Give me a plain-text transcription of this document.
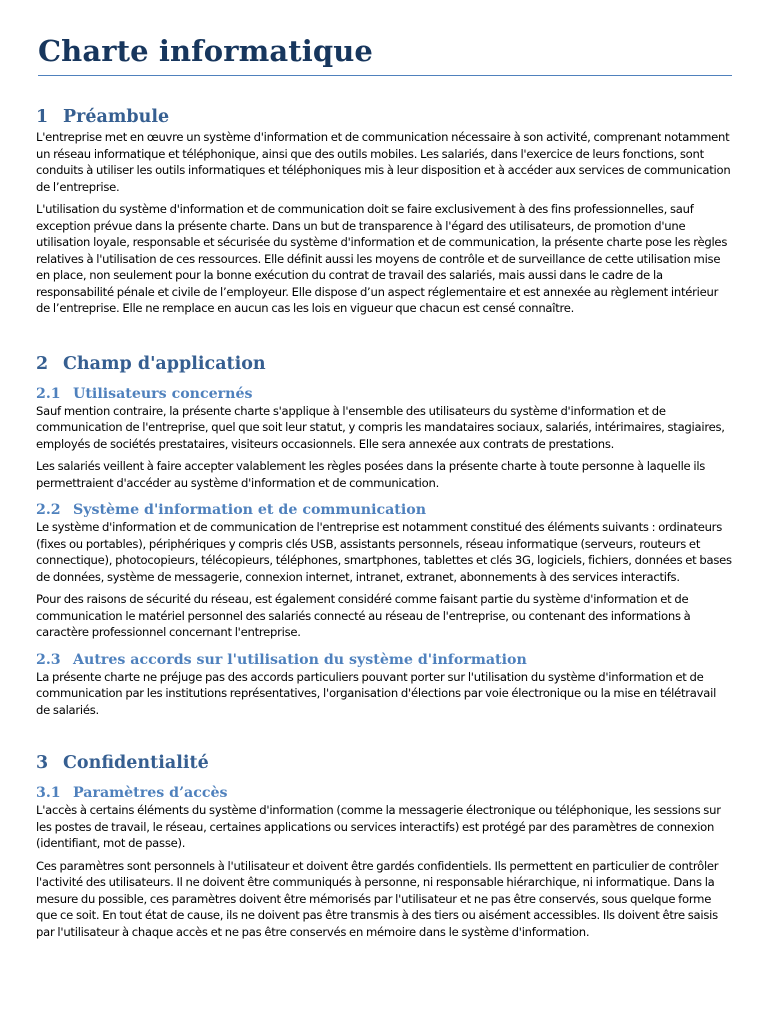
Charte informatique
1 Préambule

L'entreprise met en œuvre un système d'information et de communication nécessaire à son activité, comprenant notamment un réseau informatique et téléphonique, ainsi que des outils mobiles. Les salariés, dans l'exercice de leurs fonctions, sont conduits à utiliser les outils informatiques et téléphoniques mis à leur disposition et à accéder aux services de communication de l’entreprise.

L'utilisation du système d'information et de communication doit se faire exclusivement à des fins professionnelles, sauf exception prévue dans la présente charte. Dans un but de transparence à l'égard des utilisateurs, de promotion d'une utilisation loyale, responsable et sécurisée du système d'information et de communication, la présente charte pose les règles relatives à l'utilisation de ces ressources. Elle définit aussi les moyens de contrôle et de surveillance de cette utilisation mise en place, non seulement pour la bonne exécution du contrat de travail des salariés, mais aussi dans le cadre de la responsabilité pénale et civile de l’employeur. Elle dispose d’un aspect réglementaire et est annexée au règlement intérieur de l’entreprise. Elle ne remplace en aucun cas les lois en vigueur que chacun est censé connaître.

2 Champ d'application
2.1 Utilisateurs concernés

Sauf mention contraire, la présente charte s'applique à l'ensemble des utilisateurs du système d'information et de communication de l'entreprise, quel que soit leur statut, y compris les mandataires sociaux, salariés, intérimaires, stagiaires, employés de sociétés prestataires, visiteurs occasionnels. Elle sera annexée aux contrats de prestations.

Les salariés veillent à faire accepter valablement les règles posées dans la présente charte à toute personne à laquelle ils permettraient d'accéder au système d'information et de communication.

2.2 Système d'information et de communication

Le système d'information et de communication de l'entreprise est notamment constitué des éléments suivants : ordinateurs (fixes ou portables), périphériques y compris clés USB, assistants personnels, réseau informatique (serveurs, routeurs et connectique), photocopieurs, télécopieurs, téléphones, smartphones, tablettes et clés 3G, logiciels, fichiers, données et bases de données, système de messagerie, connexion internet, intranet, extranet, abonnements à des services interactifs.

Pour des raisons de sécurité du réseau, est également considéré comme faisant partie du système d'information et de communication le matériel personnel des salariés connecté au réseau de l'entreprise, ou contenant des informations à caractère professionnel concernant l'entreprise.

2.3 Autres accords sur l'utilisation du système d'information

La présente charte ne préjuge pas des accords particuliers pouvant porter sur l'utilisation du système d'information et de communication par les institutions représentatives, l'organisation d'élections par voie électronique ou la mise en télétravail de salariés.

3 Confidentialité
3.1 Paramètres d’accès

L'accès à certains éléments du système d'information (comme la messagerie électronique ou téléphonique, les sessions sur les postes de travail, le réseau, certaines applications ou services interactifs) est protégé par des paramètres de connexion (identifiant, mot de passe).

Ces paramètres sont personnels à l'utilisateur et doivent être gardés confidentiels. Ils permettent en particulier de contrôler l'activité des utilisateurs. Il ne doivent être communiqués à personne, ni responsable hiérarchique, ni informatique. Dans la mesure du possible, ces paramètres doivent être mémorisés par l'utilisateur et ne pas être conservés, sous quelque forme que ce soit. En tout état de cause, ils ne doivent pas être transmis à des tiers ou aisément accessibles. Ils doivent être saisis par l'utilisateur à chaque accès et ne pas être conservés en mémoire dans le système d'information.
